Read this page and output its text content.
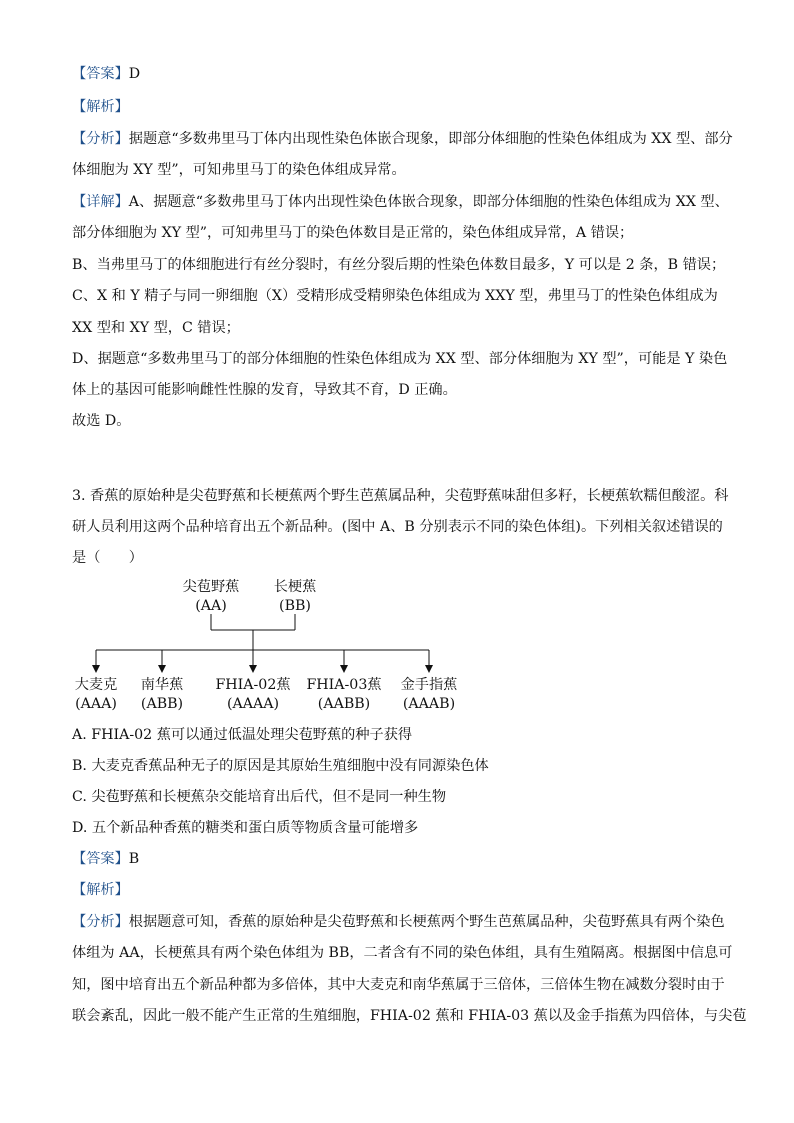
【答案】D
【解析】
【分析】据题意“多数弗里马丁体内出现性染色体嵌合现象，即部分体细胞的性染色体组成为 XX 型、部分
体细胞为 XY 型”，可知弗里马丁的染色体组成异常。
【详解】A、据题意“多数弗里马丁体内出现性染色体嵌合现象，即部分体细胞的性染色体组成为 XX 型、
部分体细胞为 XY 型”，可知弗里马丁的染色体数目是正常的，染色体组成异常，A 错误；
B、当弗里马丁的体细胞进行有丝分裂时，有丝分裂后期的性染色体数目最多，Y 可以是 2 条，B 错误；
C、X 和 Y 精子与同一卵细胞（X）受精形成受精卵染色体组成为 XXY 型，弗里马丁的性染色体组成为
XX 型和 XY 型，C 错误；
D、据题意“多数弗里马丁的部分体细胞的性染色体组成为 XX 型、部分体细胞为 XY 型”，可能是 Y 染色
体上的基因可能影响雌性性腺的发育，导致其不育，D 正确。
故选 D。
3. 香蕉的原始种是尖苞野蕉和长梗蕉两个野生芭蕉属品种，尖苞野蕉味甜但多籽，长梗蕉软糯但酸涩。科
研人员利用这两个品种培育出五个新品种。(图中 A、B 分别表示不同的染色体组)。下列相关叙述错误的
是（　　）
尖苞野蕉
(AA)
长梗蕉
(BB)
大麦克
(AAA)
南华蕉
(ABB)
FHIA-02蕉
(AAAA)
FHIA-03蕉
(AABB)
金手指蕉
(AAAB)
A. FHIA-02 蕉可以通过低温处理尖苞野蕉的种子获得
B. 大麦克香蕉品种无子的原因是其原始生殖细胞中没有同源染色体
C. 尖苞野蕉和长梗蕉杂交能培育出后代，但不是同一种生物
D. 五个新品种香蕉的糖类和蛋白质等物质含量可能增多
【答案】B
【解析】
【分析】根据题意可知，香蕉的原始种是尖苞野蕉和长梗蕉两个野生芭蕉属品种，尖苞野蕉具有两个染色
体组为 AA，长梗蕉具有两个染色体组为 BB，二者含有不同的染色体组，具有生殖隔离。根据图中信息可
知，图中培育出五个新品种都为多倍体，其中大麦克和南华蕉属于三倍体，三倍体生物在减数分裂时由于
联会紊乱，因此一般不能产生正常的生殖细胞，FHIA-02 蕉和 FHIA-03 蕉以及金手指蕉为四倍体，与尖苞
